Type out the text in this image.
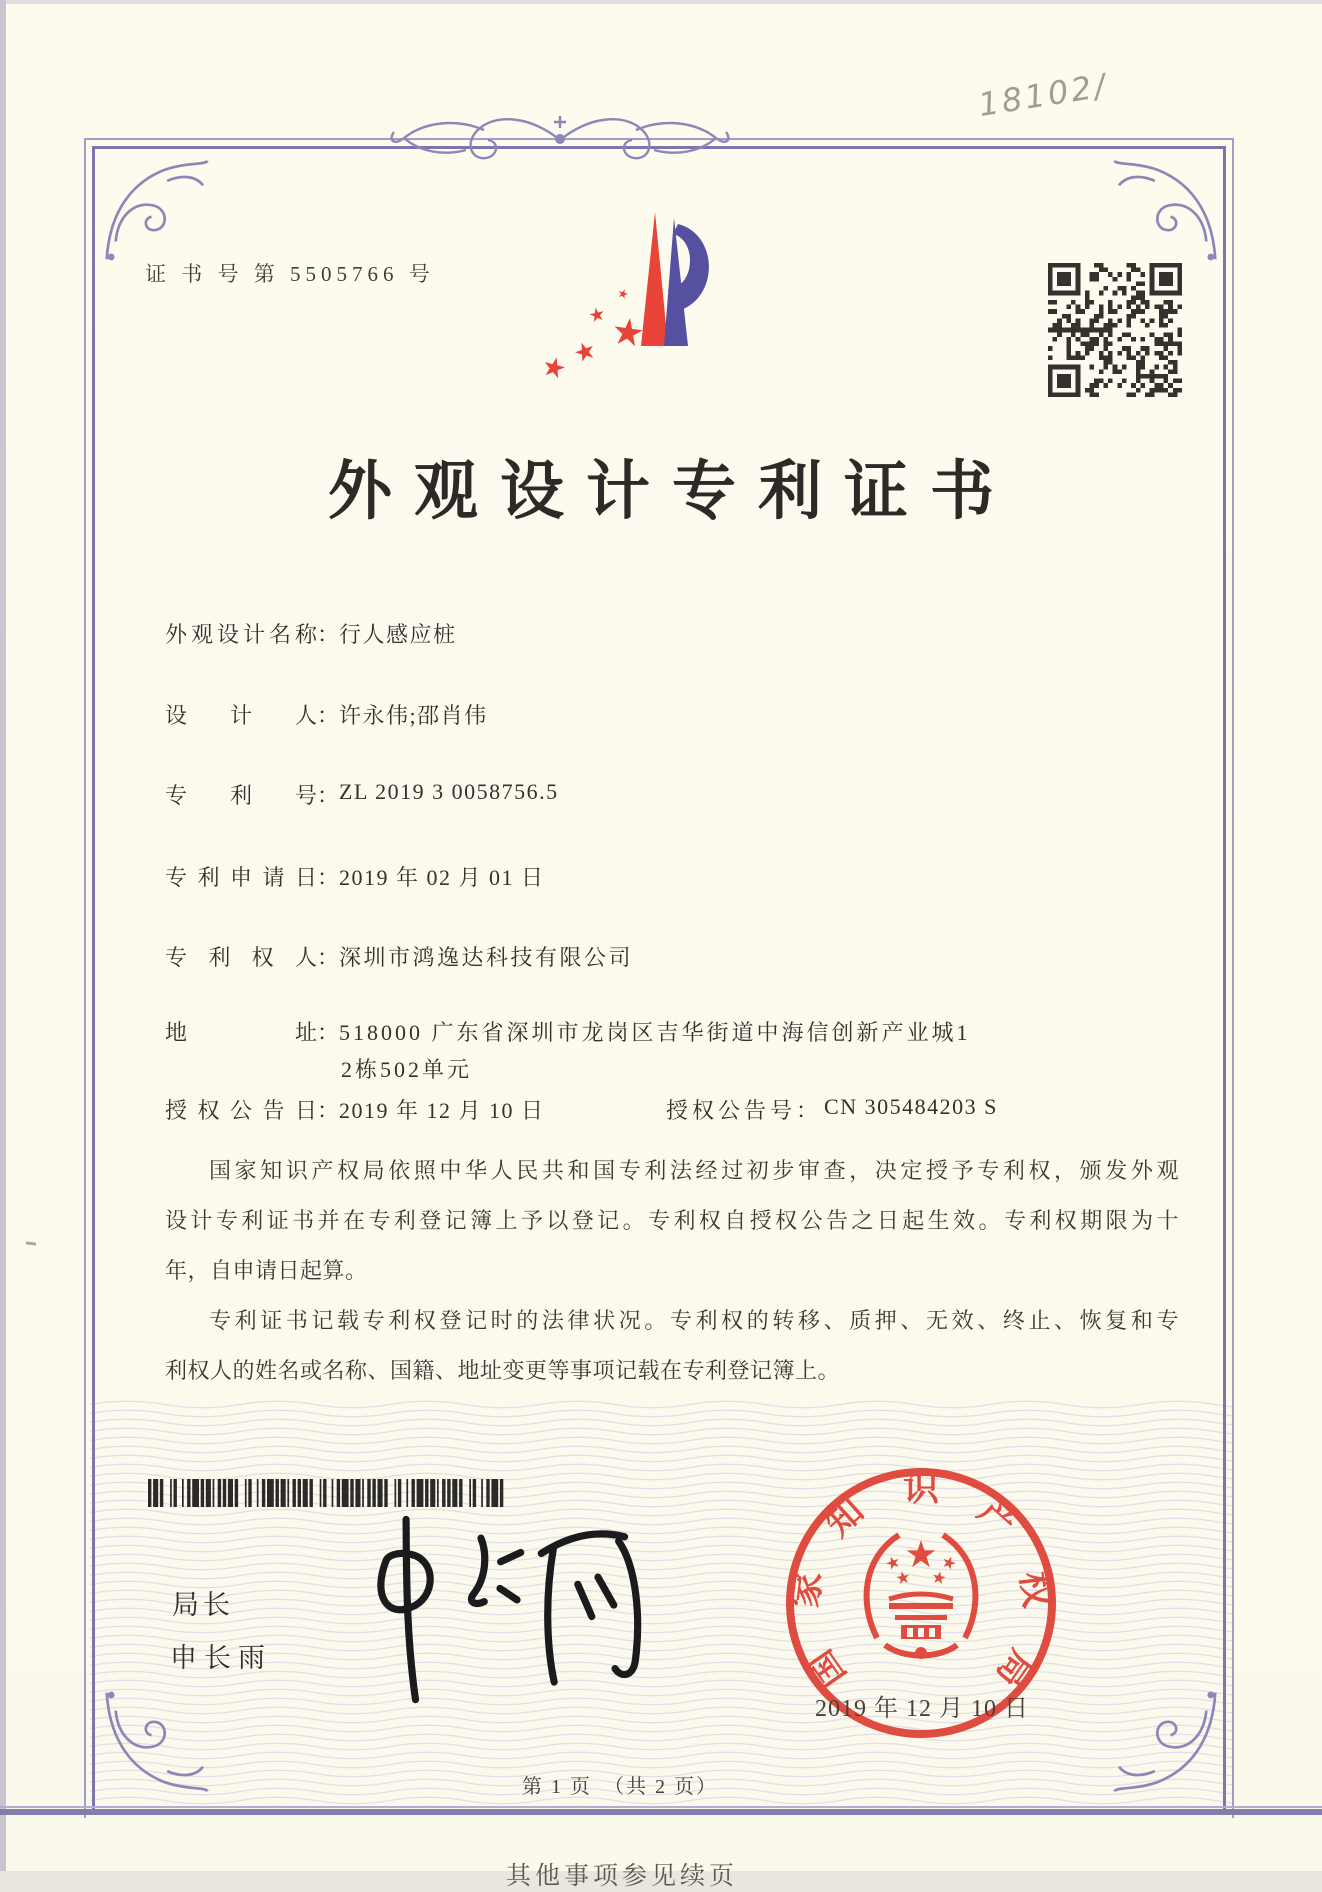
18102/
证 书 号 第 5505766 号
外观设计专利证书
外观设计名称：行人感应桩
设计人：许永伟;邵肖伟
专利号：ZL 2019 3 0058756.5
专利申请日：2019 年 02 月 01 日
专利权人：深圳市鸿逸达科技有限公司
地址：518000 广东省深圳市龙岗区吉华街道中海信创新产业城1
2栋502单元
授权公告日：2019 年 12 月 10 日	授权公告号： CN 305484203 S
国家知识产权局依照中华人民共和国专利法经过初步审查，决定授予专利权，颁发外观
设计专利证书并在专利登记簿上予以登记。专利权自授权公告之日起生效。专利权期限为十
年，自申请日起算。
专利证书记载专利权登记时的法律状况。专利权的转移、质押、无效、终止、恢复和专
利权人的姓名或名称、国籍、地址变更等事项记载在专利登记簿上。
局长
申长雨	国
家
知
识
产
权
局
2019 年 12 月 10 日
第 1 页　（共 2 页）
其他事项参见续页
